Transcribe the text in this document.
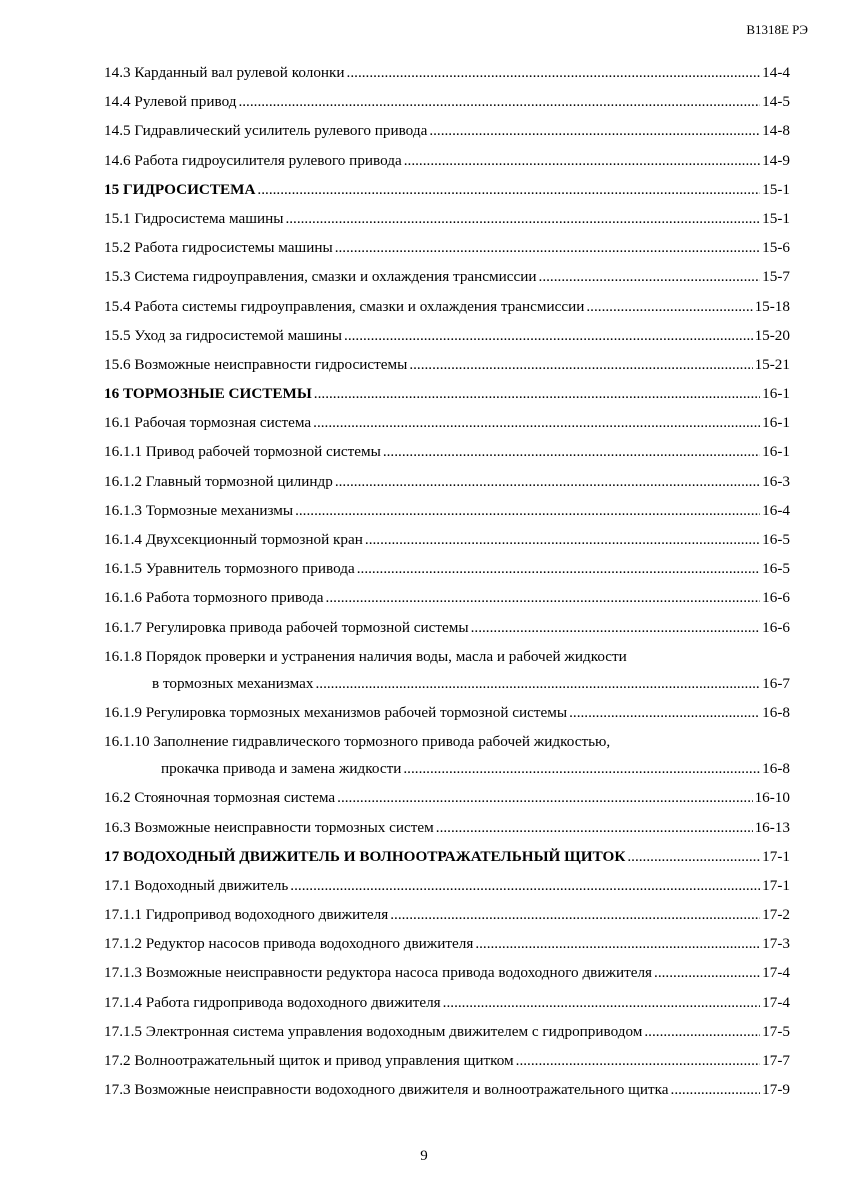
В1318Е РЭ
14.3 Карданный вал рулевой колонки .....	14-4
14.4 Рулевой привод .....	14-5
14.5 Гидравлический усилитель рулевого привода .....	14-8
14.6 Работа гидроусилителя рулевого привода .....	14-9
15 ГИДРОСИСТЕМА .....	15-1
15.1 Гидросистема машины .....	15-1
15.2 Работа гидросистемы машины .....	15-6
15.3 Система гидроуправления, смазки и охлаждения трансмиссии .....	15-7
15.4 Работа системы гидроуправления, смазки и охлаждения трансмиссии .....	15-18
15.5 Уход за гидросистемой машины .....	15-20
15.6 Возможные неисправности гидросистемы .....	15-21
16 ТОРМОЗНЫЕ СИСТЕМЫ .....	16-1
16.1 Рабочая тормозная система .....	16-1
16.1.1 Привод рабочей тормозной системы .....	16-1
16.1.2 Главный тормозной цилиндр .....	16-3
16.1.3 Тормозные механизмы .....	16-4
16.1.4 Двухсекционный тормозной кран .....	16-5
16.1.5 Уравнитель тормозного привода .....	16-5
16.1.6 Работа тормозного привода .....	16-6
16.1.7 Регулировка привода рабочей тормозной системы .....	16-6
16.1.8 Порядок проверки и устранения наличия воды, масла и рабочей жидкости
в тормозных механизмах .....	16-7
16.1.9 Регулировка тормозных механизмов рабочей тормозной системы .....	16-8
16.1.10 Заполнение гидравлического тормозного привода рабочей жидкостью,
прокачка привода и замена жидкости .....	16-8
16.2 Стояночная тормозная система .....	16-10
16.3 Возможные неисправности тормозных систем .....	16-13
17 ВОДОХОДНЫЙ ДВИЖИТЕЛЬ И ВОЛНООТРАЖАТЕЛЬНЫЙ ЩИТОК .....	17-1
17.1 Водоходный движитель .....	17-1
17.1.1 Гидропривод водоходного движителя .....	17-2
17.1.2 Редуктор насосов привода водоходного движителя .....	17-3
17.1.3 Возможные неисправности редуктора насоса привода водоходного движителя .....	17-4
17.1.4 Работа гидропривода водоходного движителя .....	17-4
17.1.5 Электронная система управления водоходным движителем с гидроприводом .....	17-5
17.2 Волноотражательный щиток и привод управления щитком .....	17-7
17.3 Возможные неисправности водоходного движителя и волноотражательного щитка .....	17-9
9
